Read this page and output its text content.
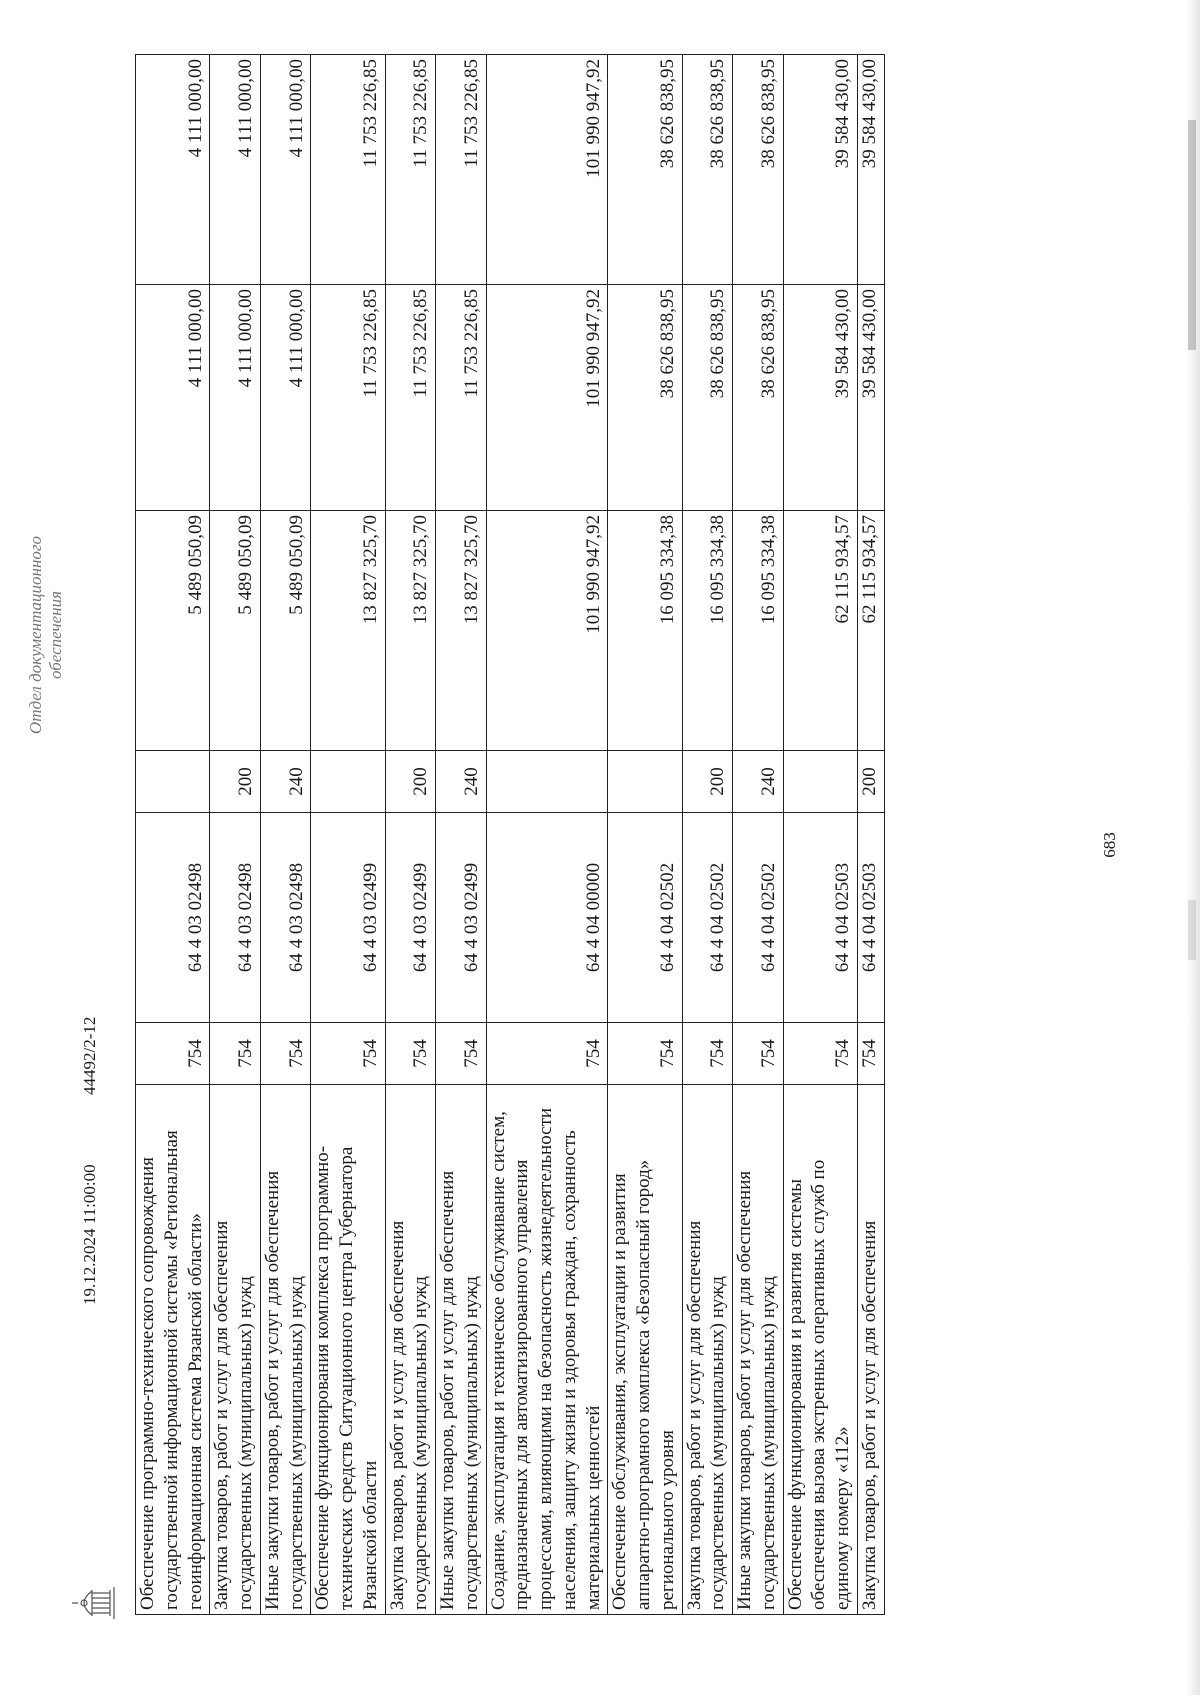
683
Обеспечение программно-технического сопровождения государственной информационной системы «Региональная геоинформационная система Рязанской области»	754	64 4 03 02498		5 489 050,09	4 111 000,00	4 111 000,00
Закупка товаров, работ и услуг для обеспечения государственных (муниципальных) нужд	754	64 4 03 02498	200	5 489 050,09	4 111 000,00	4 111 000,00
Иные закупки товаров, работ и услуг для обеспечения государственных (муниципальных) нужд	754	64 4 03 02498	240	5 489 050,09	4 111 000,00	4 111 000,00
Обеспечение функционирования комплекса программно-технических средств Ситуационного центра Губернатора Рязанской области	754	64 4 03 02499		13 827 325,70	11 753 226,85	11 753 226,85
Закупка товаров, работ и услуг для обеспечения государственных (муниципальных) нужд	754	64 4 03 02499	200	13 827 325,70	11 753 226,85	11 753 226,85
Иные закупки товаров, работ и услуг для обеспечения государственных (муниципальных) нужд	754	64 4 03 02499	240	13 827 325,70	11 753 226,85	11 753 226,85
Создание, эксплуатация и техническое обслуживание систем, предназначенных для автоматизированного управления процессами, влияющими на безопасность жизнедеятельности населения, защиту жизни и здоровья граждан, сохранность материальных ценностей	754	64 4 04 00000		101 990 947,92	101 990 947,92	101 990 947,92
Обеспечение обслуживания, эксплуатации и развития аппаратно-програмного комплекса «Безопасный город» регионального уровня	754	64 4 04 02502		16 095 334,38	38 626 838,95	38 626 838,95
Закупка товаров, работ и услуг для обеспечения государственных (муниципальных) нужд	754	64 4 04 02502	200	16 095 334,38	38 626 838,95	38 626 838,95
Иные закупки товаров, работ и услуг для обеспечения государственных (муниципальных) нужд	754	64 4 04 02502	240	16 095 334,38	38 626 838,95	38 626 838,95
Обеспечение функционирования и развития системы обеспечения вызова экстренных оперативных служб по единому номеру «112»	754	64 4 04 02503		62 115 934,57	39 584 430,00	39 584 430,00
Закупка товаров, работ и услуг для обеспечения	754	64 4 04 02503	200	62 115 934,57	39 584 430,00	39 584 430,00
19.12.2024 11:00:00
44492/2-12
Отдел документационного обеспечения
